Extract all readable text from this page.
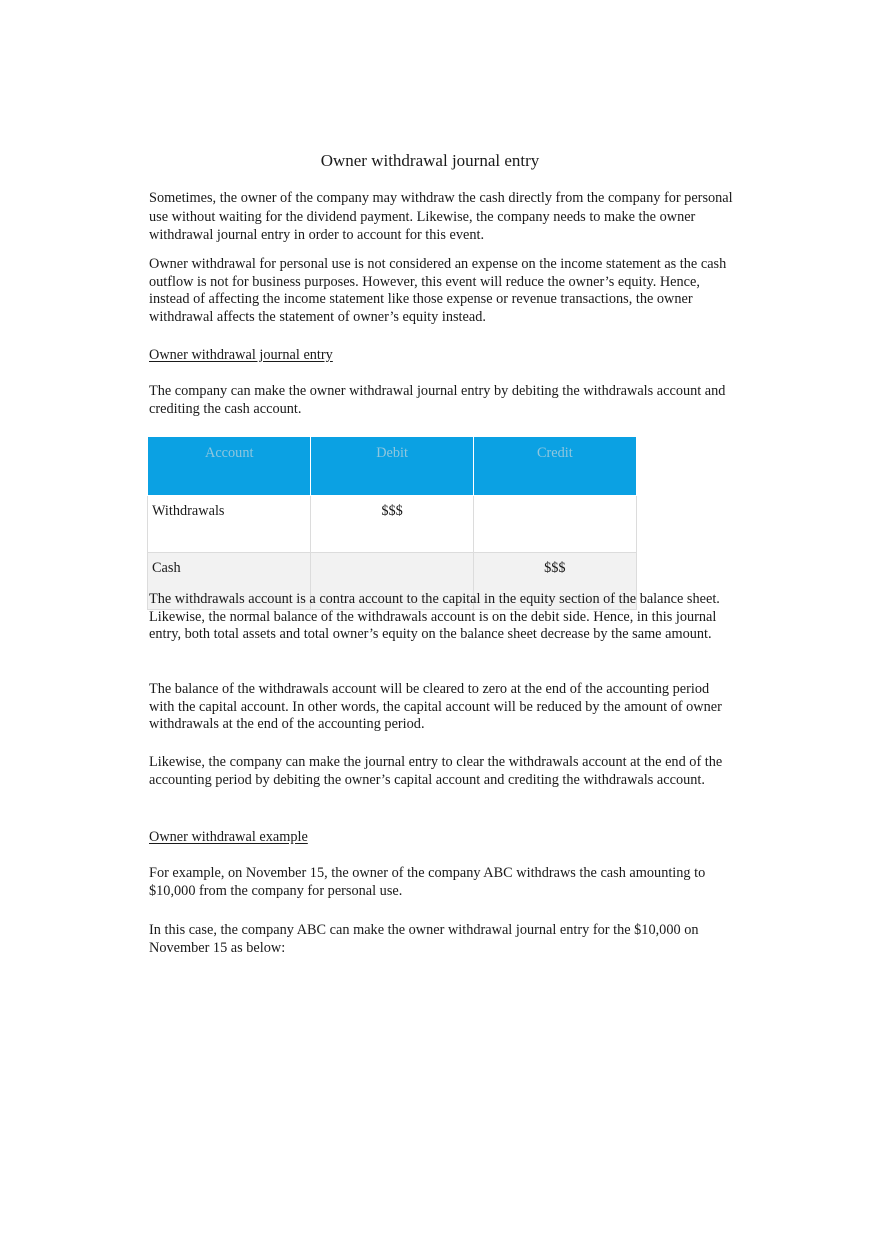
Owner withdrawal journal entry

Sometimes, the owner of the company may withdraw the cash directly from the company for personal use without waiting for the dividend payment. Likewise, the company needs to make the owner withdrawal journal entry in order to account for this event.

Owner withdrawal for personal use is not considered an expense on the income statement as the cash outflow is not for business purposes. However, this event will reduce the owner’s equity. Hence, instead of affecting the income statement like those expense or revenue transactions, the owner withdrawal affects the statement of owner’s equity instead.

Owner withdrawal journal entry

The company can make the owner withdrawal journal entry by debiting the withdrawals account and crediting the cash account.

Account	Debit	Credit
Withdrawals	$$$	
Cash		$$$

The withdrawals account is a contra account to the capital in the equity section of the balance sheet. Likewise, the normal balance of the withdrawals account is on the debit side. Hence, in this journal entry, both total assets and total owner’s equity on the balance sheet decrease by the same amount.

The balance of the withdrawals account will be cleared to zero at the end of the accounting period with the capital account. In other words, the capital account will be reduced by the amount of owner withdrawals at the end of the accounting period.

Likewise, the company can make the journal entry to clear the withdrawals account at the end of the accounting period by debiting the owner’s capital account and crediting the withdrawals account.

Owner withdrawal example

For example, on November 15, the owner of the company ABC withdraws the cash amounting to $10,000 from the company for personal use.

In this case, the company ABC can make the owner withdrawal journal entry for the $10,000 on November 15 as below:
